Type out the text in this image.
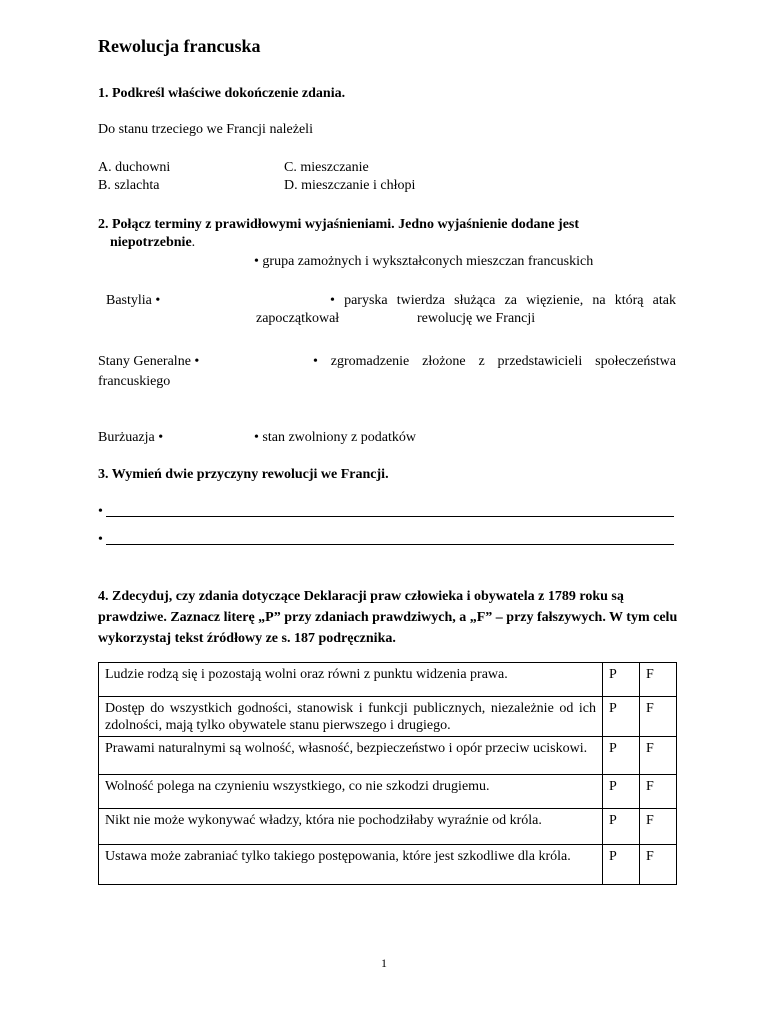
Rewolucja francuska
1. Podkreśl właściwe dokończenie zdania.
Do stanu trzeciego we Francji należeli
A. duchowni
B. szlachta
C. mieszczanie
D. mieszczanie i chłopi
2. Połącz terminy z prawidłowymi wyjaśnieniami. Jedno wyjaśnienie dodane jest
niepotrzebnie.
• grupa zamożnych i wykształconych mieszczan francuskich
Bastylia •	• paryska twierdza służąca za więzienie, na którą atak
zapoczątkował	rewolucję we Francji
Stany Generalne •	• zgromadzenie złożone z przedstawicieli społeczeństwa
francuskiego
Burżuazja •	• stan zwolniony z podatków
3. Wymień dwie przyczyny rewolucji we Francji.
•
•
4. Zdecyduj, czy zdania dotyczące Deklaracji praw człowieka i obywatela z 1789 roku są prawdziwe. Zaznacz literę „P” przy zdaniach prawdziwych, a „F” – przy fałszywych. W tym celu wykorzystaj tekst źródłowy ze s. 187 podręcznika.
Ludzie rodzą się i pozostają wolni oraz równi z punktu widzenia prawa.	P	F
Dostęp do wszystkich godności, stanowisk i funkcji publicznych, niezależnie od ich zdolności, mają tylko obywatele stanu pierwszego i drugiego.	P	F
Prawami naturalnymi są wolność, własność, bezpieczeństwo i opór przeciw uciskowi.	P	F
Wolność polega na czynieniu wszystkiego, co nie szkodzi drugiemu.	P	F
Nikt nie może wykonywać władzy, która nie pochodziłaby wyraźnie od króla.	P	F
Ustawa może zabraniać tylko takiego postępowania, które jest szkodliwe dla króla.	P	F
1
